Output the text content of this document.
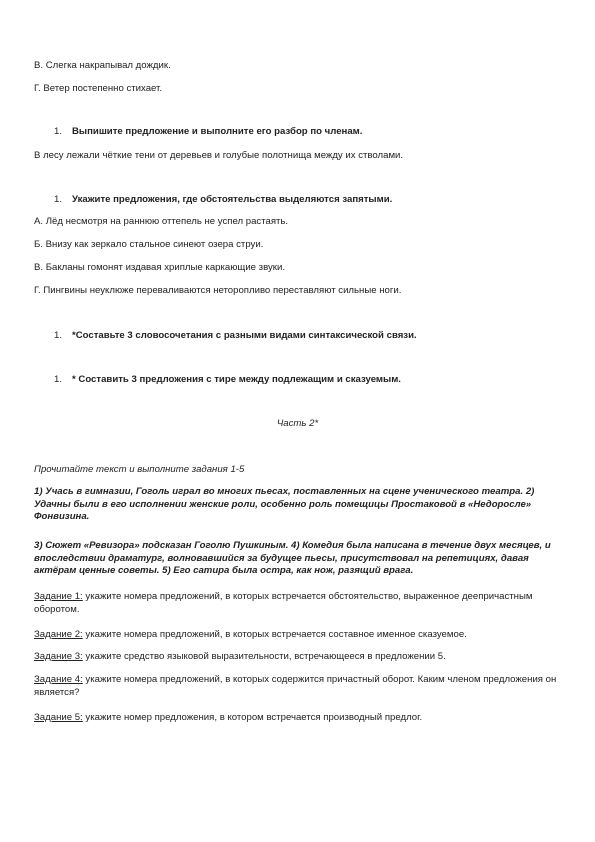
В. Слегка накрапывал дождик.
Г. Ветер постепенно стихает.
1. Выпишите предложение и выполните его разбор по членам.
В лесу лежали чёткие тени от деревьев и голубые полотнища между их стволами.
1. Укажите предложения, где обстоятельства выделяются запятыми.
А. Лёд несмотря на раннюю оттепель не успел растаять.
Б. Внизу как зеркало стальное синеют озера струи.
В. Бакланы гомонят издавая хриплые каркающие звуки.
Г. Пингвины неуклюже переваливаются неторопливо переставляют сильные ноги.
1. *Составьте 3 словосочетания с разными видами синтаксической связи.
1. * Составить 3 предложения с тире между подлежащим и сказуемым.
Часть 2*
Прочитайте текст и выполните задания 1-5
1) Учась в гимназии, Гоголь играл во многих пьесах, поставленных на сцене ученического театра. 2) Удачны были в его исполнении женские роли, особенно роль помещицы Простаковой в «Недоросле» Фонвизина.
3) Сюжет «Ревизора» подсказан Гоголю Пушкиным. 4) Комедия была написана в течение двух месяцев, и впоследствии драматург, волновавшийся за будущее пьесы, присутствовал на репетициях, давая актёрам ценные советы. 5) Его сатира была остра, как нож, разящий врага.
Задание 1: укажите номера предложений, в которых встречается обстоятельство, выраженное деепричастным оборотом.
Задание 2: укажите номера предложений, в которых встречается составное именное сказуемое.
Задание 3: укажите средство языковой выразительности, встречающееся в предложении 5.
Задание 4: укажите номера предложений, в которых содержится причастный оборот. Каким членом предложения он является?
Задание 5: укажите номер предложения, в котором встречается производный предлог.
